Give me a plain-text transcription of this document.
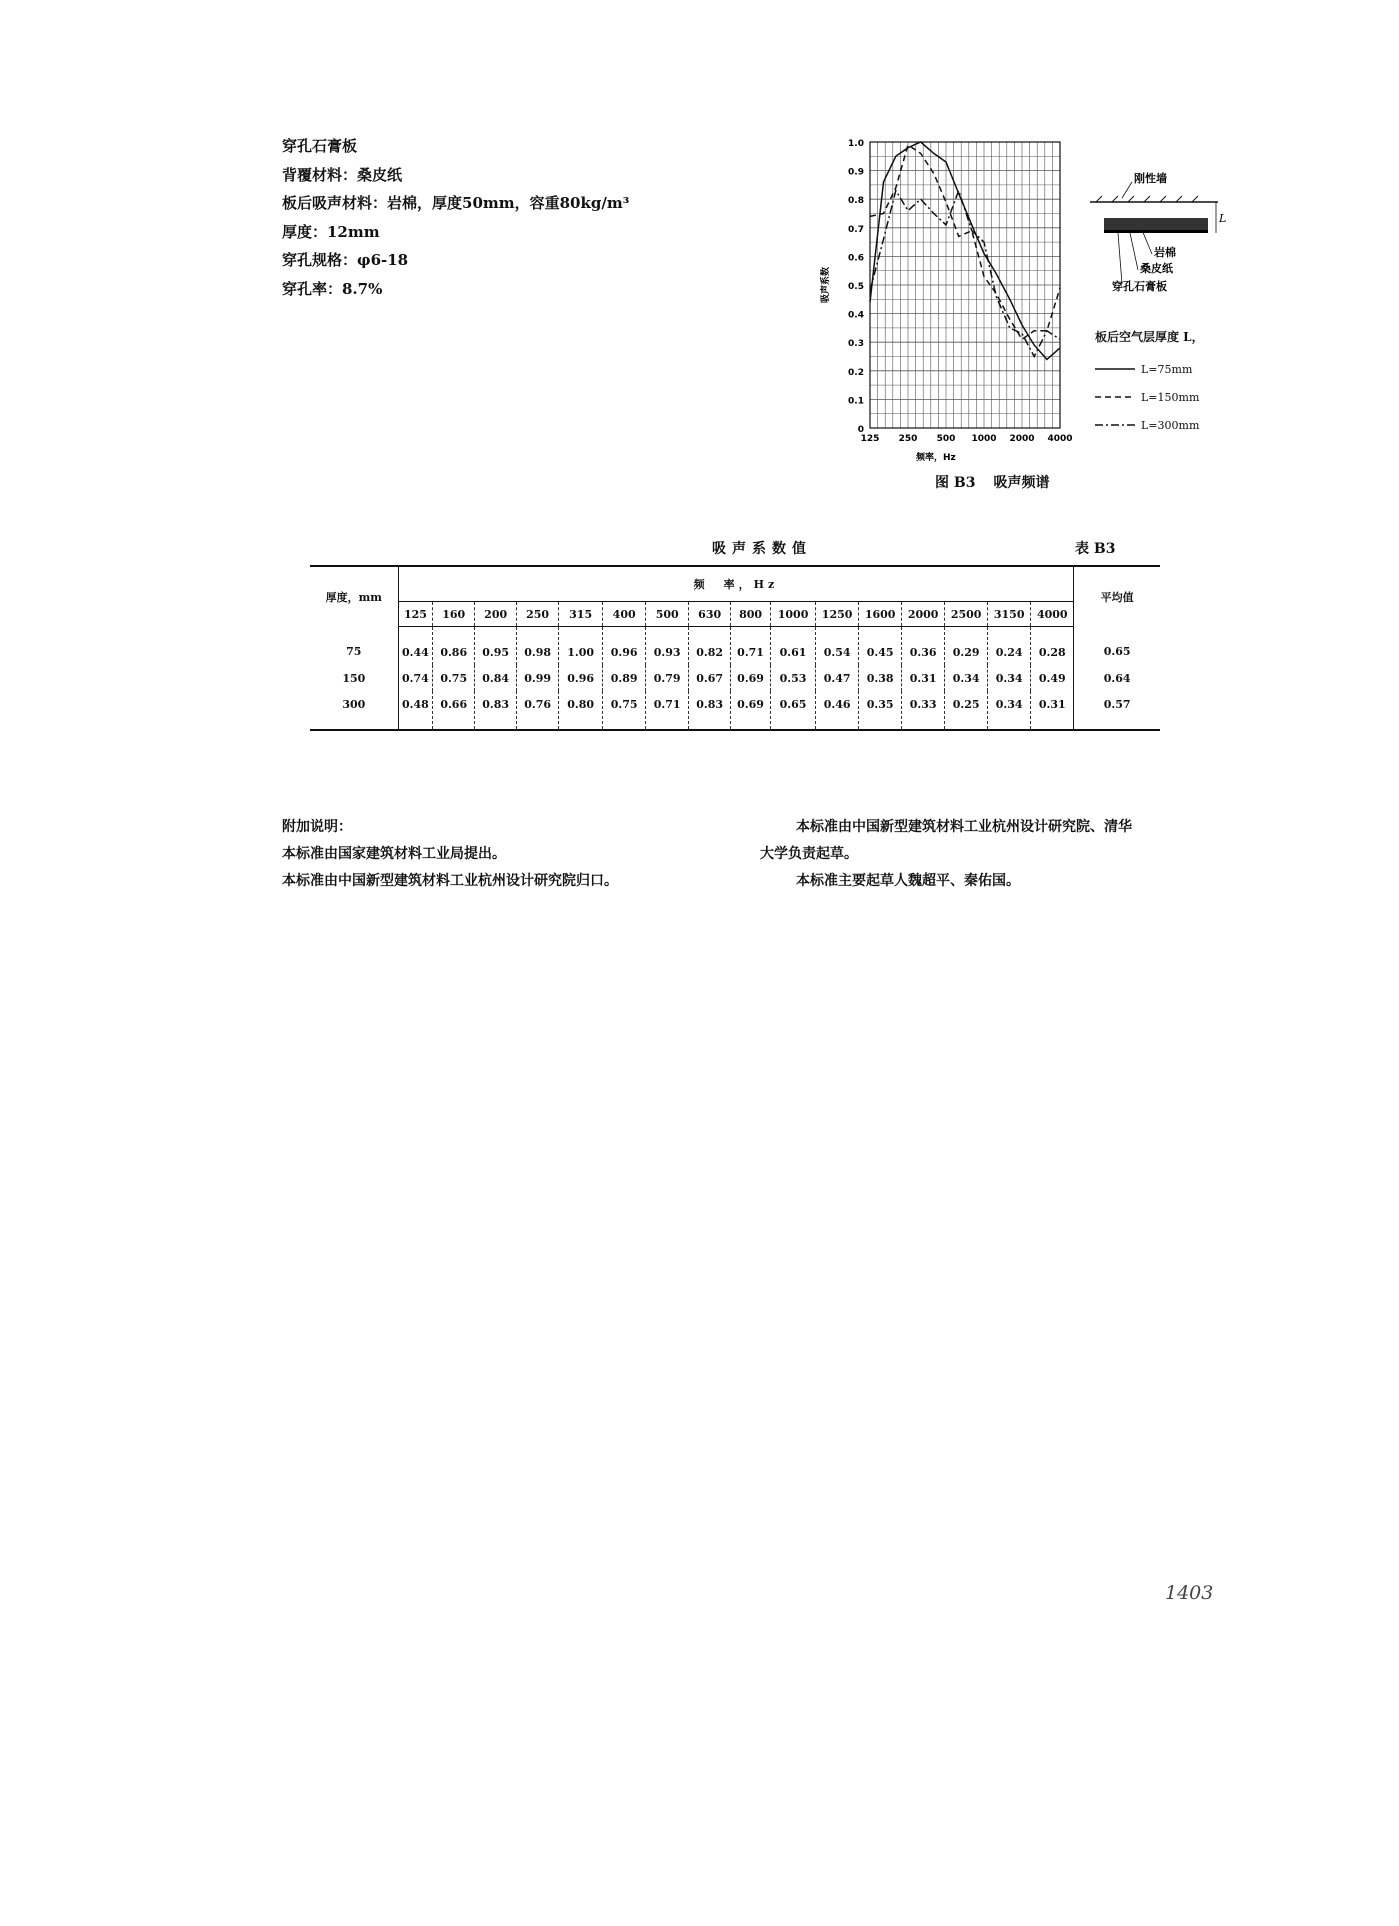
穿孔石膏板
背覆材料：桑皮纸
板后吸声材料：岩棉，厚度50mm，容重80kg/m³
厚度：12mm
穿孔规格：φ6-18
穿孔率：8.7%
0
0.1
0.2
0.3
0.4
0.5
0.6
0.7
0.8
0.9
1.0
125 250 500 1000 2000 4000
频率，Hz
吸声系数
图 B3 吸声频谱
刚性墙
L
岩棉
桑皮纸
穿孔石膏板
板后空气层厚度 L，
L=75mm
L=150mm
L=300mm
吸声系数值	表 B3
厚度，mm	频　率，Hz																平均值
	125	160	200	250	315	400	500	630	800	1000	1250	1600	2000	2500	3150	4000	
75	0.44	0.86	0.95	0.98	1.00	0.96	0.93	0.82	0.71	0.61	0.54	0.45	0.36	0.29	0.24	0.28	0.65
150	0.74	0.75	0.84	0.99	0.96	0.89	0.79	0.67	0.69	0.53	0.47	0.38	0.31	0.34	0.34	0.49	0.64
300	0.48	0.66	0.83	0.76	0.80	0.75	0.71	0.83	0.69	0.65	0.46	0.35	0.33	0.25	0.34	0.31	0.57
附加说明：
本标准由国家建筑材料工业局提出。
本标准由中国新型建筑材料工业杭州设计研究院归口。

本标准由中国新型建筑材料工业杭州设计研究院、清华

大学负责起草。

本标准主要起草人魏超平、秦佑国。

1403
